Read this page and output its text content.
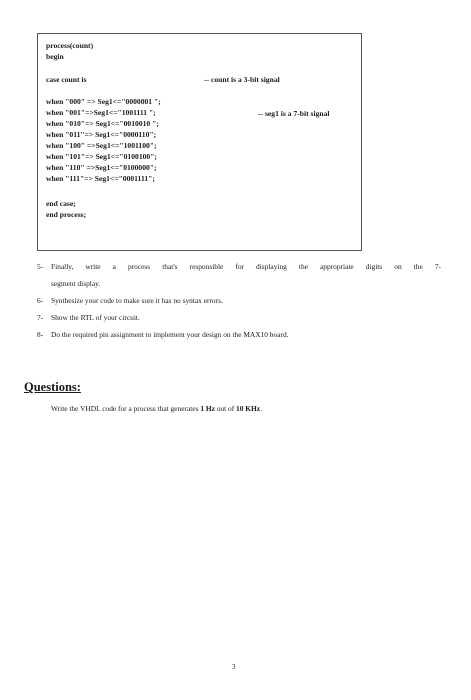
process(count)
begin
case count is	-- count is a 3-bit signal
when "000" => Seg1<="0000001 ";
when "001"=>Seg1<="1001111 ";	-- seg1 is a 7-bit signal
when "010"=> Seg1<="0010010 ";
when "011"=> Seg1<="0000110";
when "100" =>Seg1<="1001100";
when "101"=> Seg1<="0100100";
when "110" =>Seg1<="0100000";
when "111"=> Seg1<="0001111";
end case;
end process;
5- Finally, write a process that's responsible for displaying the appropriate digits on the 7-
segment display.
6- Synthesize your code to make sure it has no syntax errors.
7- Show the RTL of your circuit.
8- Do the required pin assignment to implement your design on the MAX10 board.
Questions:
Write the VHDL code for a process that generates 1 Hz out of 10 KHz.
3
